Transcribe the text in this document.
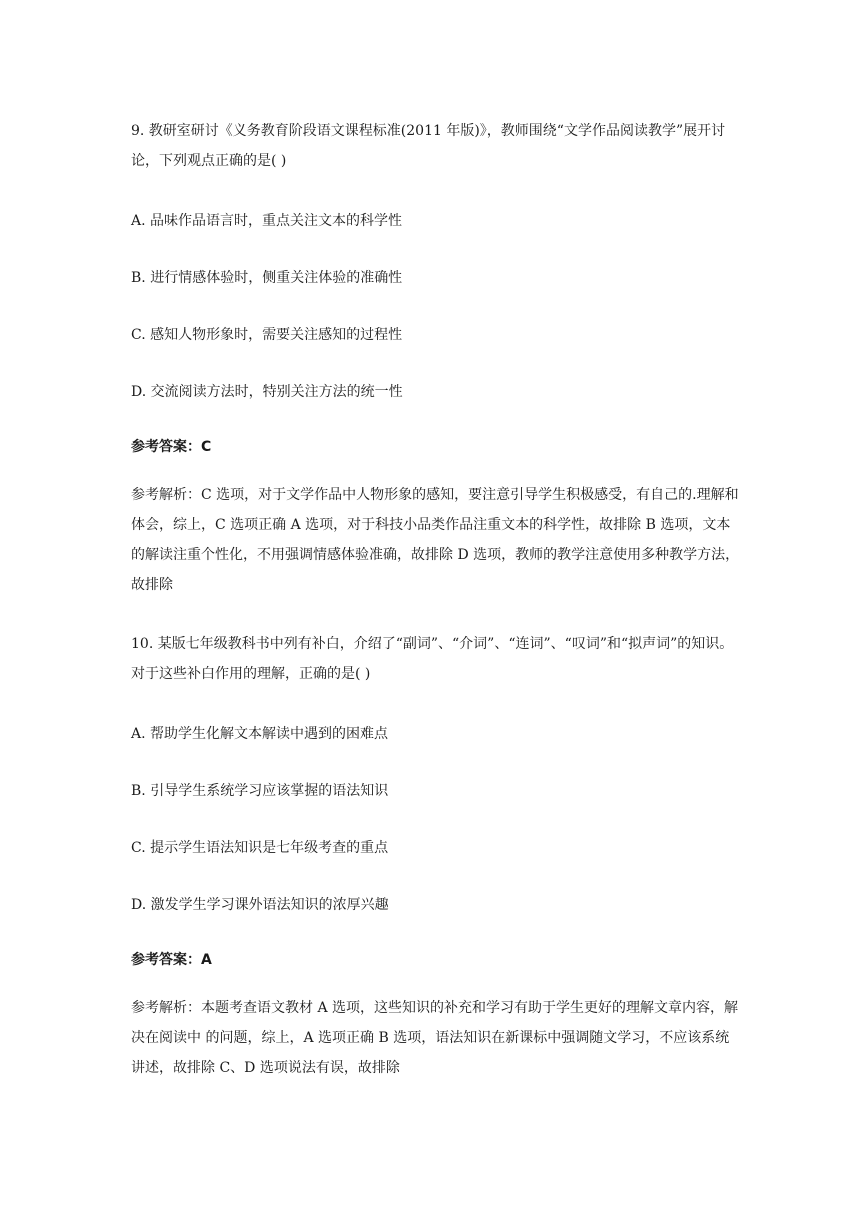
9. 教研室研讨《义务教育阶段语文课程标准(2011 年版)》，教师围绕“文学作品阅读教学”展开讨论，下列观点正确的是( )
A. 品味作品语言时，重点关注文本的科学性
B. 进行情感体验时，侧重关注体验的准确性
C. 感知人物形象时，需要关注感知的过程性
D. 交流阅读方法时，特别关注方法的统一性
参考答案：C
参考解析：C 选项，对于文学作品中人物形象的感知，要注意引导学生积极感受，有自己的.理解和体会，综上，C 选项正确 A 选项，对于科技小品类作品注重文本的科学性，故排除 B 选项，文本的解读注重个性化，不用强调情感体验准确，故排除 D 选项，教师的教学注意使用多种教学方法，故排除
10. 某版七年级教科书中列有补白，介绍了“副词”、“介词”、“连词”、“叹词”和“拟声词”的知识。对于这些补白作用的理解，正确的是( )
A. 帮助学生化解文本解读中遇到的困难点
B. 引导学生系统学习应该掌握的语法知识
C. 提示学生语法知识是七年级考查的重点
D. 激发学生学习课外语法知识的浓厚兴趣
参考答案：A
参考解析：本题考查语文教材 A 选项，这些知识的补充和学习有助于学生更好的理解文章内容，解决在阅读中 的问题，综上，A 选项正确 B 选项，语法知识在新课标中强调随文学习，不应该系统讲述，故排除 C、D 选项说法有误，故排除
